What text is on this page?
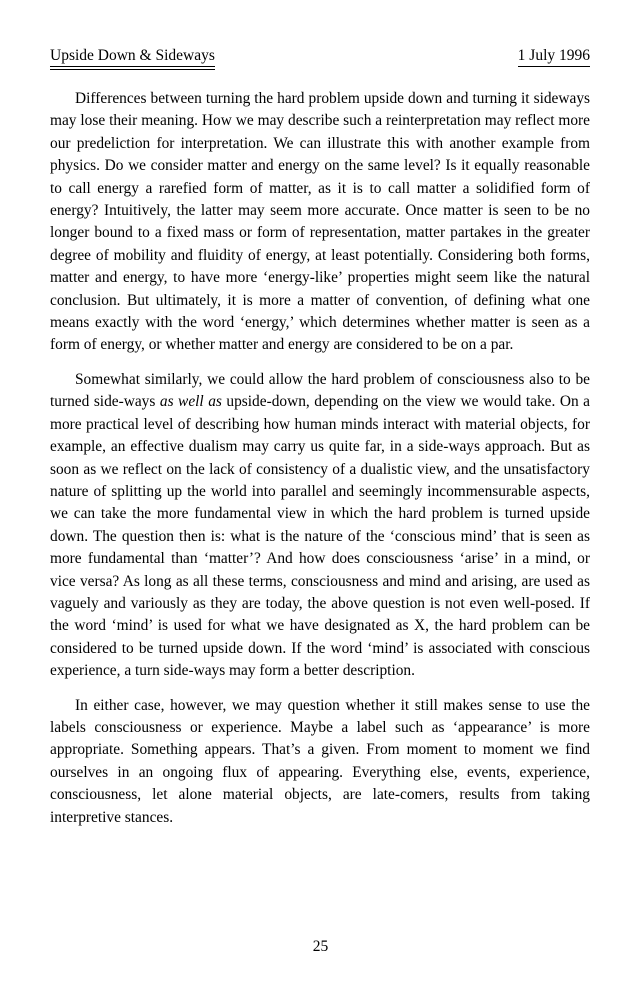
Upside Down & Sideways	1 July 1996

Differences between turning the hard problem upside down and turning it sideways may lose their meaning. How we may describe such a reinterpretation may reflect more our predeliction for interpretation. We can illustrate this with another example from physics. Do we consider matter and energy on the same level? Is it equally reasonable to call energy a rarefied form of matter, as it is to call matter a solidified form of energy? Intuitively, the latter may seem more accurate. Once matter is seen to be no longer bound to a fixed mass or form of representation, matter partakes in the greater degree of mobility and fluidity of energy, at least potentially. Considering both forms, matter and energy, to have more ‘energy-like’ properties might seem like the natural conclusion. But ultimately, it is more a matter of convention, of defining what one means exactly with the word ‘energy,’ which determines whether matter is seen as a form of energy, or whether matter and energy are considered to be on a par.

Somewhat similarly, we could allow the hard problem of consciousness also to be turned side-ways as well as upside-down, depending on the view we would take. On a more practical level of describing how human minds interact with material objects, for example, an effective dualism may carry us quite far, in a side-ways approach. But as soon as we reflect on the lack of consistency of a dualistic view, and the unsatisfactory nature of splitting up the world into parallel and seemingly incommensurable aspects, we can take the more fundamental view in which the hard problem is turned upside down. The question then is: what is the nature of the ‘conscious mind’ that is seen as more fundamental than ‘matter’? And how does consciousness ‘arise’ in a mind, or vice versa? As long as all these terms, consciousness and mind and arising, are used as vaguely and variously as they are today, the above question is not even well-posed. If the word ‘mind’ is used for what we have designated as X, the hard problem can be considered to be turned upside down. If the word ‘mind’ is associated with conscious experience, a turn side-ways may form a better description.

In either case, however, we may question whether it still makes sense to use the labels consciousness or experience. Maybe a label such as ‘appearance’ is more appropriate. Something appears. That’s a given. From moment to moment we find ourselves in an ongoing flux of appearing. Everything else, events, experience, consciousness, let alone material objects, are late-comers, results from taking interpretive stances.

25
